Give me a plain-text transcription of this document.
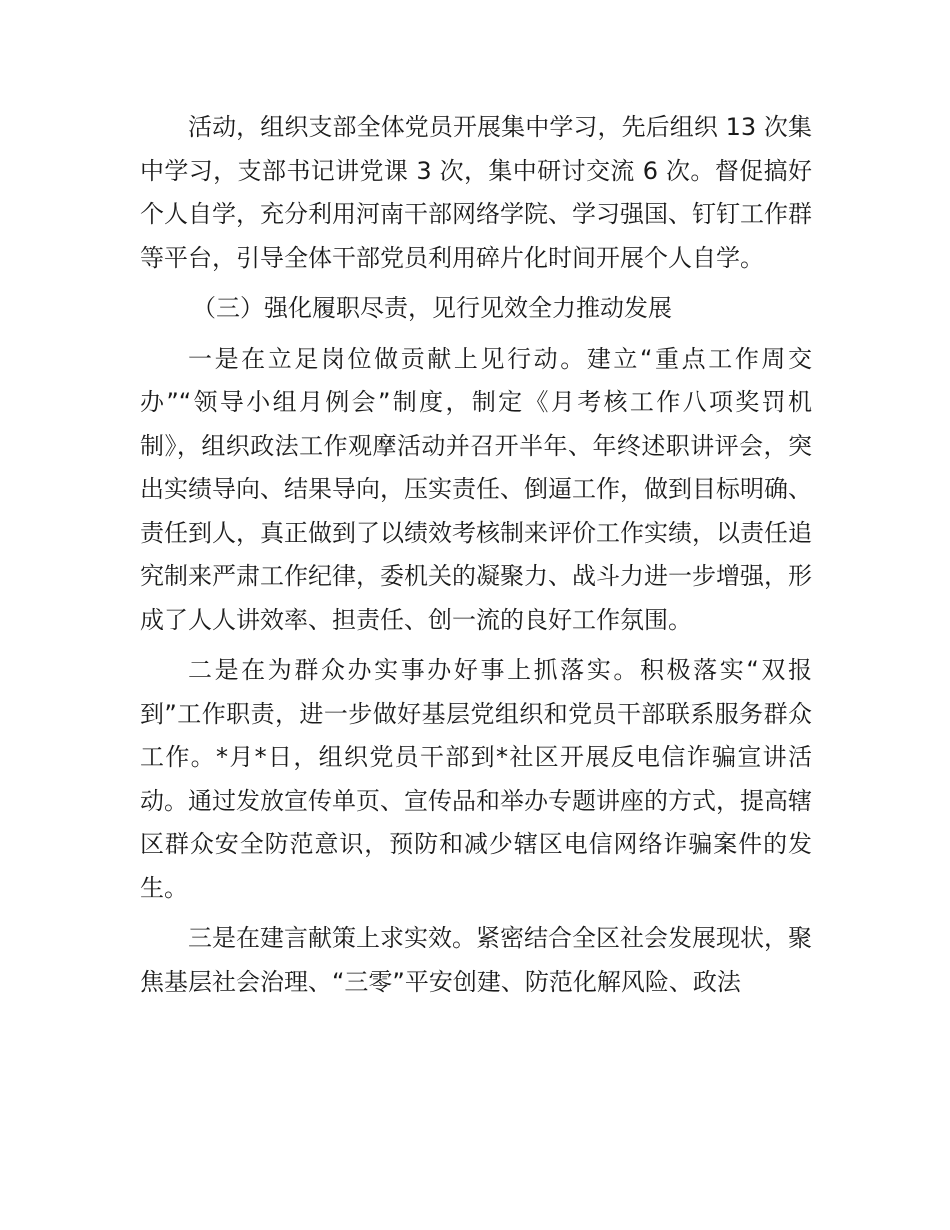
活动，组织支部全体党员开展集中学习，先后组织 13 次集中学习，支部书记讲党课 3 次，集中研讨交流 6 次。督促搞好个人自学，充分利用河南干部网络学院、学习强国、钉钉工作群等平台，引导全体干部党员利用碎片化时间开展个人自学。

（三）强化履职尽责，见行见效全力推动发展

一是在立足岗位做贡献上见行动。建立“重点工作周交办”“领导小组月例会”制度，制定《月考核工作八项奖罚机制》，组织政法工作观摩活动并召开半年、年终述职讲评会，突出实绩导向、结果导向，压实责任、倒逼工作，做到目标明确、责任到人，真正做到了以绩效考核制来评价工作实绩，以责任追究制来严肃工作纪律，委机关的凝聚力、战斗力进一步增强，形成了人人讲效率、担责任、创一流的良好工作氛围。

二是在为群众办实事办好事上抓落实。积极落实“双报到”工作职责，进一步做好基层党组织和党员干部联系服务群众工作。*月*日，组织党员干部到*社区开展反电信诈骗宣讲活动。通过发放宣传单页、宣传品和举办专题讲座的方式，提高辖区群众安全防范意识，预防和减少辖区电信网络诈骗案件的发生。

三是在建言献策上求实效。紧密结合全区社会发展现状，聚焦基层社会治理、“三零”平安创建、防范化解风险、政法
